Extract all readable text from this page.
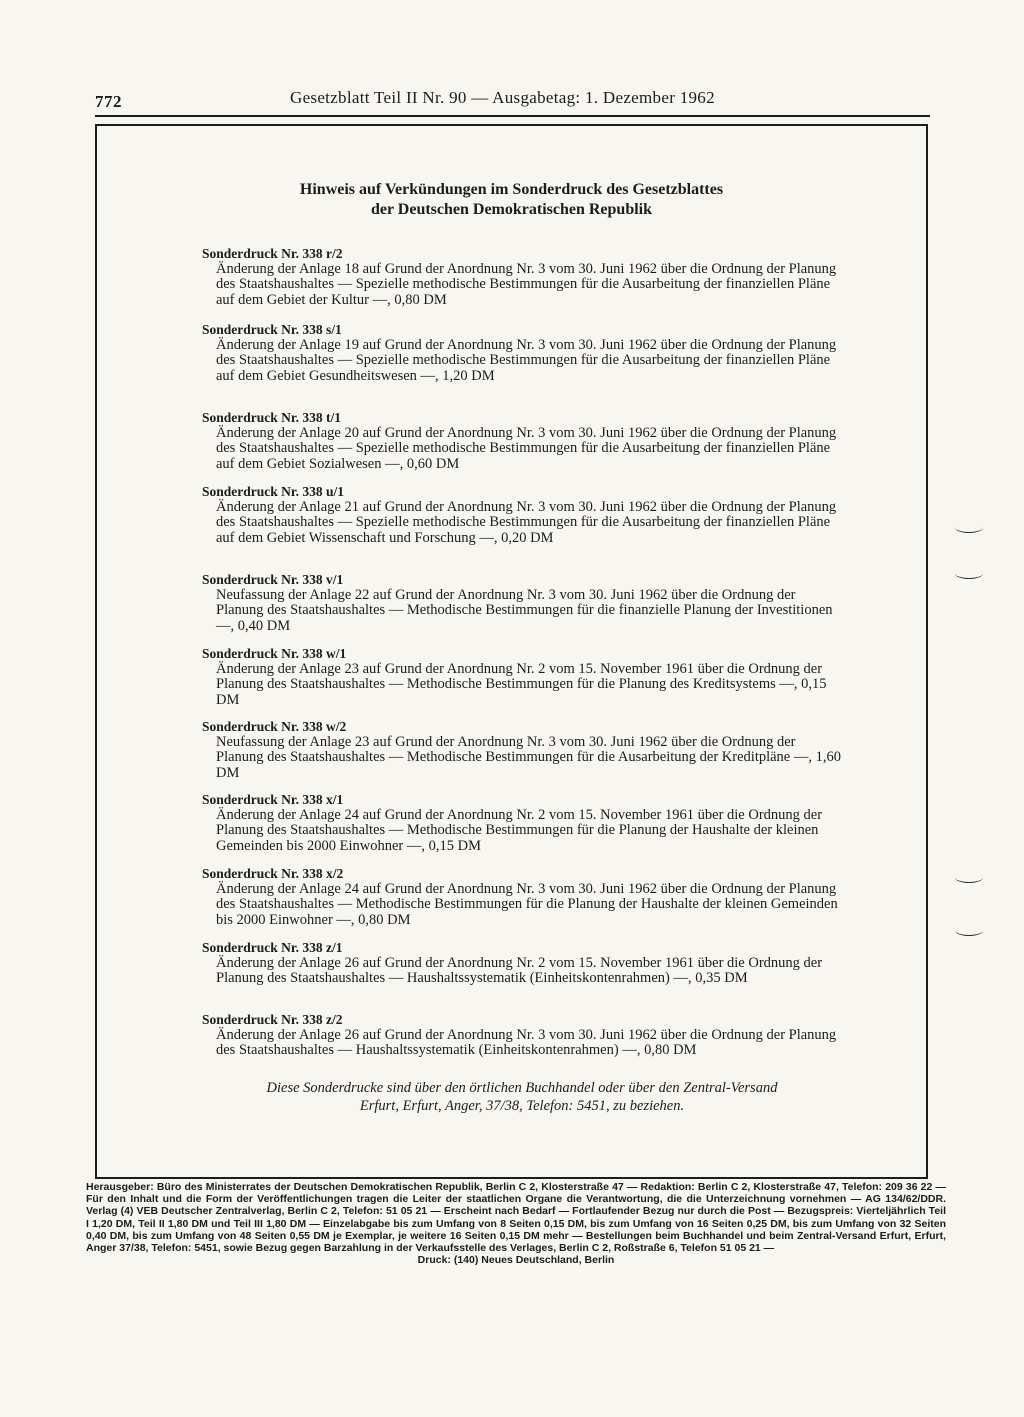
772	Gesetzblatt Teil II Nr. 90 — Ausgabetag: 1. Dezember 1962
Hinweis auf Verkündungen im Sonderdruck des Gesetzblattes
der Deutschen Demokratischen Republik
Sonderdruck Nr. 338 r/2
Änderung der Anlage 18 auf Grund der Anordnung Nr. 3 vom 30. Juni 1962 über die Ordnung der Planung des Staatshaushaltes — Spezielle methodische Bestimmungen für die Ausarbeitung der finanziellen Pläne auf dem Gebiet der Kultur —, 0,80 DM
Sonderdruck Nr. 338 s/1
Änderung der Anlage 19 auf Grund der Anordnung Nr. 3 vom 30. Juni 1962 über die Ordnung der Planung des Staatshaushaltes — Spezielle methodische Bestimmungen für die Ausarbeitung der finanziellen Pläne auf dem Gebiet Gesundheitswesen —, 1,20 DM
Sonderdruck Nr. 338 t/1
Änderung der Anlage 20 auf Grund der Anordnung Nr. 3 vom 30. Juni 1962 über die Ordnung der Planung des Staatshaushaltes — Spezielle methodische Bestimmungen für die Ausarbeitung der finanziellen Pläne auf dem Gebiet Sozialwesen —, 0,60 DM
Sonderdruck Nr. 338 u/1
Änderung der Anlage 21 auf Grund der Anordnung Nr. 3 vom 30. Juni 1962 über die Ordnung der Planung des Staatshaushaltes — Spezielle methodische Bestimmungen für die Ausarbeitung der finanziellen Pläne auf dem Gebiet Wissenschaft und Forschung —, 0,20 DM
Sonderdruck Nr. 338 v/1
Neufassung der Anlage 22 auf Grund der Anordnung Nr. 3 vom 30. Juni 1962 über die Ordnung der Planung des Staatshaushaltes — Methodische Bestimmungen für die finanzielle Planung der Investitionen —, 0,40 DM
Sonderdruck Nr. 338 w/1
Änderung der Anlage 23 auf Grund der Anordnung Nr. 2 vom 15. November 1961 über die Ordnung der Planung des Staatshaushaltes — Methodische Bestimmungen für die Planung des Kreditsystems —, 0,15 DM
Sonderdruck Nr. 338 w/2
Neufassung der Anlage 23 auf Grund der Anordnung Nr. 3 vom 30. Juni 1962 über die Ordnung der Planung des Staatshaushaltes — Methodische Bestimmungen für die Ausarbeitung der Kreditpläne —, 1,60 DM
Sonderdruck Nr. 338 x/1
Änderung der Anlage 24 auf Grund der Anordnung Nr. 2 vom 15. November 1961 über die Ordnung der Planung des Staatshaushaltes — Methodische Bestimmungen für die Planung der Haushalte der kleinen Gemeinden bis 2000 Einwohner —, 0,15 DM
Sonderdruck Nr. 338 x/2
Änderung der Anlage 24 auf Grund der Anordnung Nr. 3 vom 30. Juni 1962 über die Ordnung der Planung des Staatshaushaltes — Methodische Bestimmungen für die Planung der Haushalte der kleinen Gemeinden bis 2000 Einwohner —, 0,80 DM
Sonderdruck Nr. 338 z/1
Änderung der Anlage 26 auf Grund der Anordnung Nr. 2 vom 15. November 1961 über die Ordnung der Planung des Staatshaushaltes — Haushaltssystematik (Einheitskontenrahmen) —, 0,35 DM
Sonderdruck Nr. 338 z/2
Änderung der Anlage 26 auf Grund der Anordnung Nr. 3 vom 30. Juni 1962 über die Ordnung der Planung des Staatshaushaltes — Haushaltssystematik (Einheitskontenrahmen) —, 0,80 DM
Diese Sonderdrucke sind über den örtlichen Buchhandel oder über den Zentral-Versand
Erfurt, Erfurt, Anger, 37/38, Telefon: 5451, zu beziehen.
Herausgeber: Büro des Ministerrates der Deutschen Demokratischen Republik, Berlin C 2, Klosterstraße 47 — Redaktion: Berlin C 2, Klosterstraße 47, Telefon: 209 36 22 — Für den Inhalt und die Form der Veröffentlichungen tragen die Leiter der staatlichen Organe die Verantwortung, die die Unterzeichnung vornehmen — AG 134/62/DDR. Verlag (4) VEB Deutscher Zentralverlag, Berlin C 2, Telefon: 51 05 21 — Erscheint nach Bedarf — Fortlaufender Bezug nur durch die Post — Bezugspreis: Vierteljährlich Teil I 1,20 DM, Teil II 1,80 DM und Teil III 1,80 DM — Einzelabgabe bis zum Umfang von 8 Seiten 0,15 DM, bis zum Umfang von 16 Seiten 0,25 DM, bis zum Umfang von 32 Seiten 0,40 DM, bis zum Umfang von 48 Seiten 0,55 DM je Exemplar, je weitere 16 Seiten 0,15 DM mehr — Bestellungen beim Buchhandel und beim Zentral-Versand Erfurt, Erfurt, Anger 37/38, Telefon: 5451, sowie Bezug gegen Barzahlung in der Verkaufsstelle des Verlages, Berlin C 2, Roßstraße 6, Telefon 51 05 21 —
Druck: (140) Neues Deutschland, Berlin
